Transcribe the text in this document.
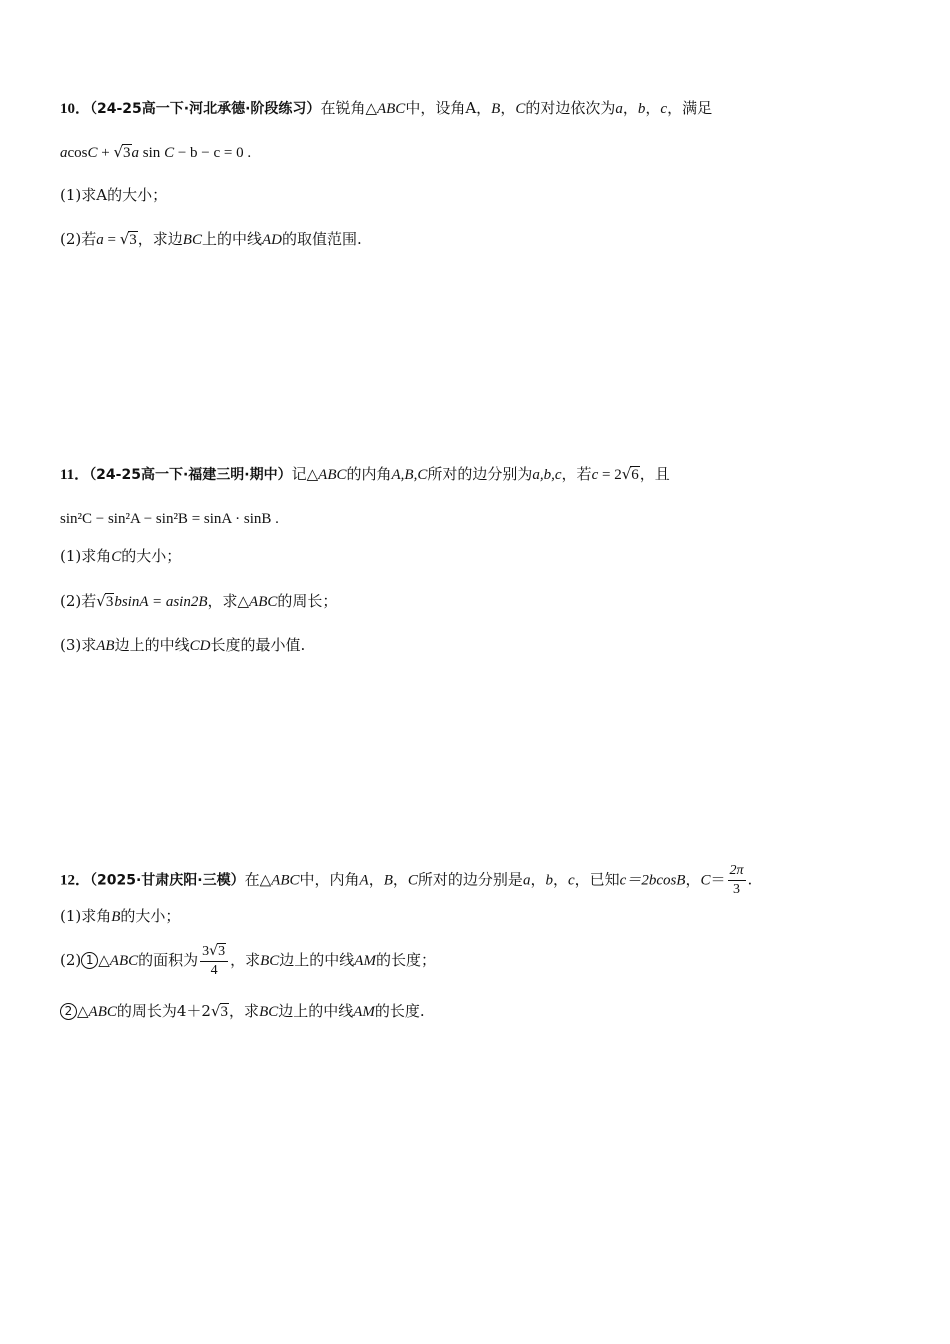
10．（24-25高一下·河北承德·阶段练习）在锐角△ABC中，设角A，B，C的对边依次为a，b，c，满足
acosC + √3a sin C − b − c = 0 .
(1)求A的大小；
(2)若a = √3，求边BC上的中线AD的取值范围.
11．（24-25高一下·福建三明·期中）记△ABC的内角A,B,C所对的边分别为a,b,c，若c = 2√6，且
sin²C − sin²A − sin²B = sinA · sinB .
(1)求角C的大小；
(2)若√3bsinA = asin2B，求△ABC的周长；
(3)求AB边上的中线CD长度的最小值.
12．（2025·甘肃庆阳·三模）在△ABC中，内角A，B，C所对的边分别是a，b，c，已知c＝2bcosB，$C= \frac{2\pi}{3}$ .
(1)求角B的大小；
(2) 1 △ABC的面积为 $\frac{3√3}{4}$ ，求BC边上的中线AM的长度；
2 △ABC的周长为4＋2√3，求BC边上的中线AM的长度.
